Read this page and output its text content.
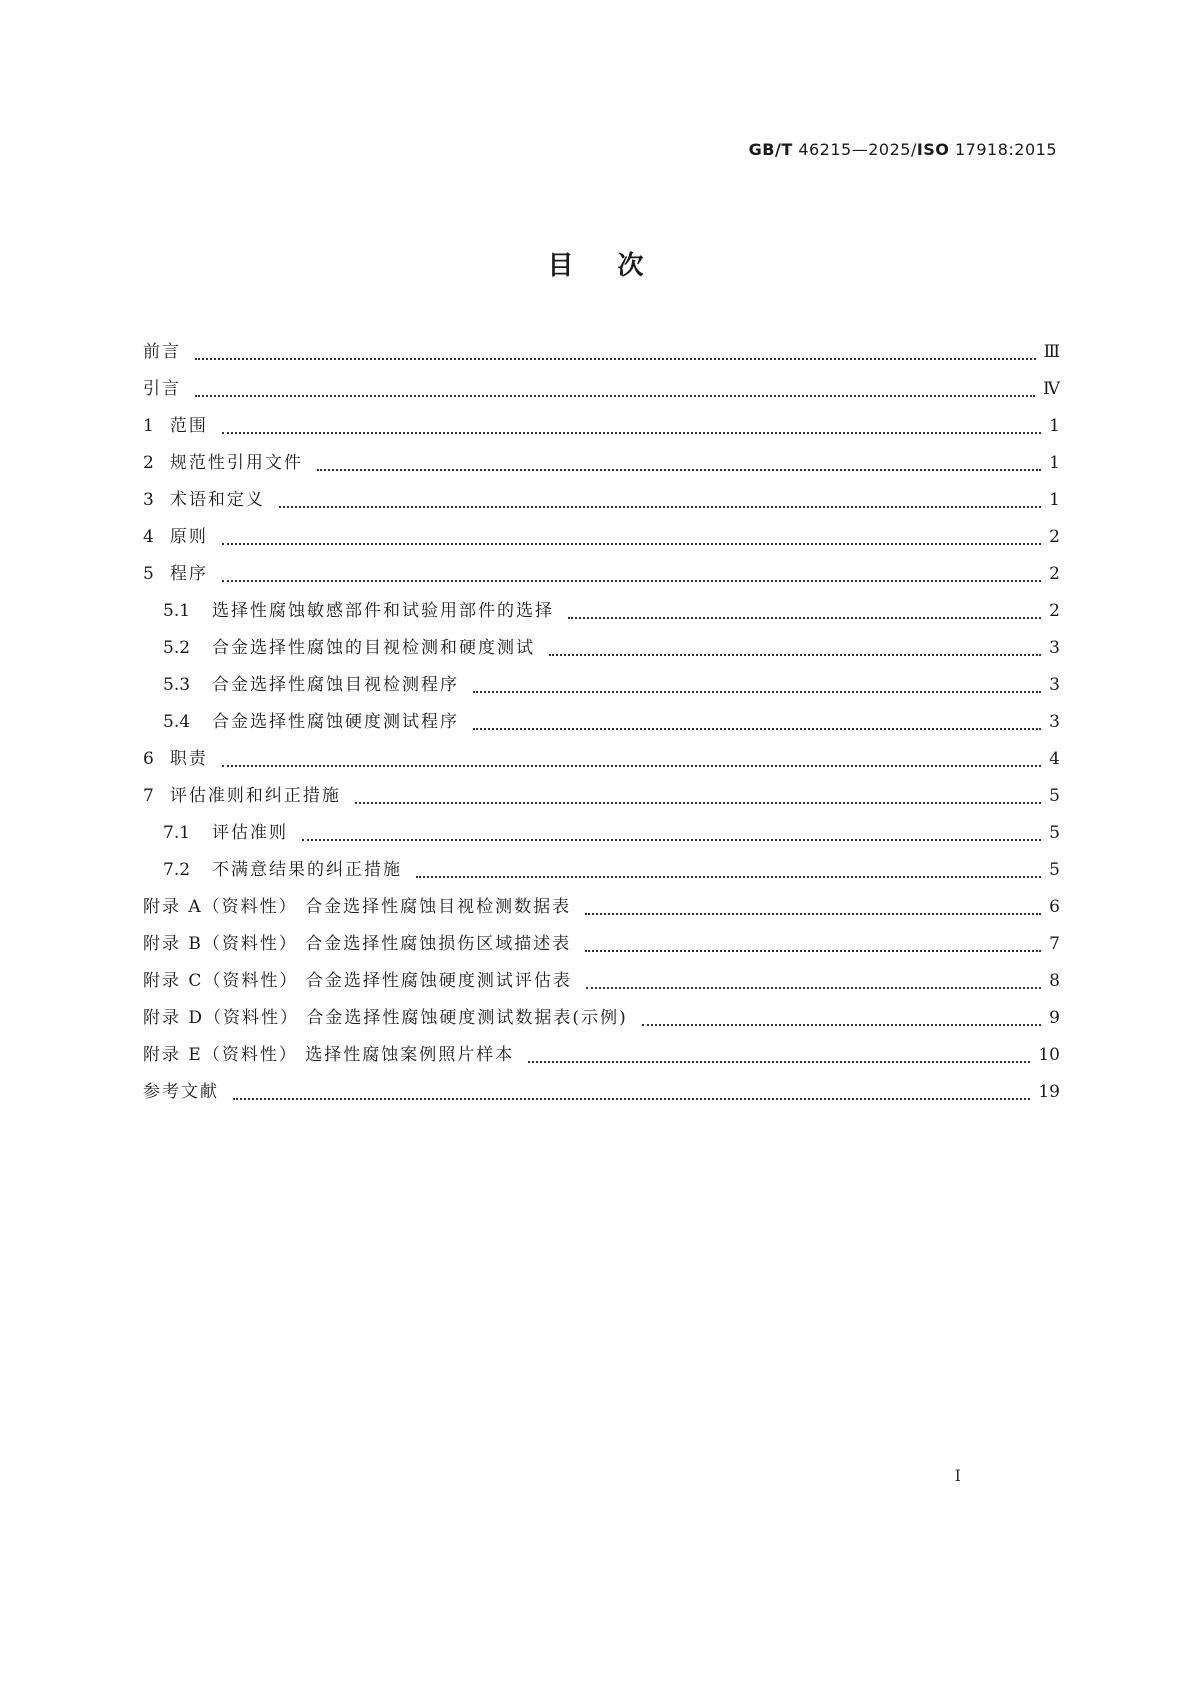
GB/T 46215—2025/ISO 17918:2015
目次
前言	Ⅲ
引言	Ⅳ
1 范围	1
2 规范性引用文件	1
3 术语和定义	1
4 原则	2
5 程序	2
5.1 选择性腐蚀敏感部件和试验用部件的选择	2
5.2 合金选择性腐蚀的目视检测和硬度测试	3
5.3 合金选择性腐蚀目视检测程序	3
5.4 合金选择性腐蚀硬度测试程序	3
6 职责	4
7 评估准则和纠正措施	5
7.1 评估准则	5
7.2 不满意结果的纠正措施	5
附录 A（资料性） 合金选择性腐蚀目视检测数据表	6
附录 B（资料性） 合金选择性腐蚀损伤区域描述表	7
附录 C（资料性） 合金选择性腐蚀硬度测试评估表	8
附录 D（资料性） 合金选择性腐蚀硬度测试数据表(示例)	9
附录 E（资料性） 选择性腐蚀案例照片样本	10
参考文献	19
Ⅰ
